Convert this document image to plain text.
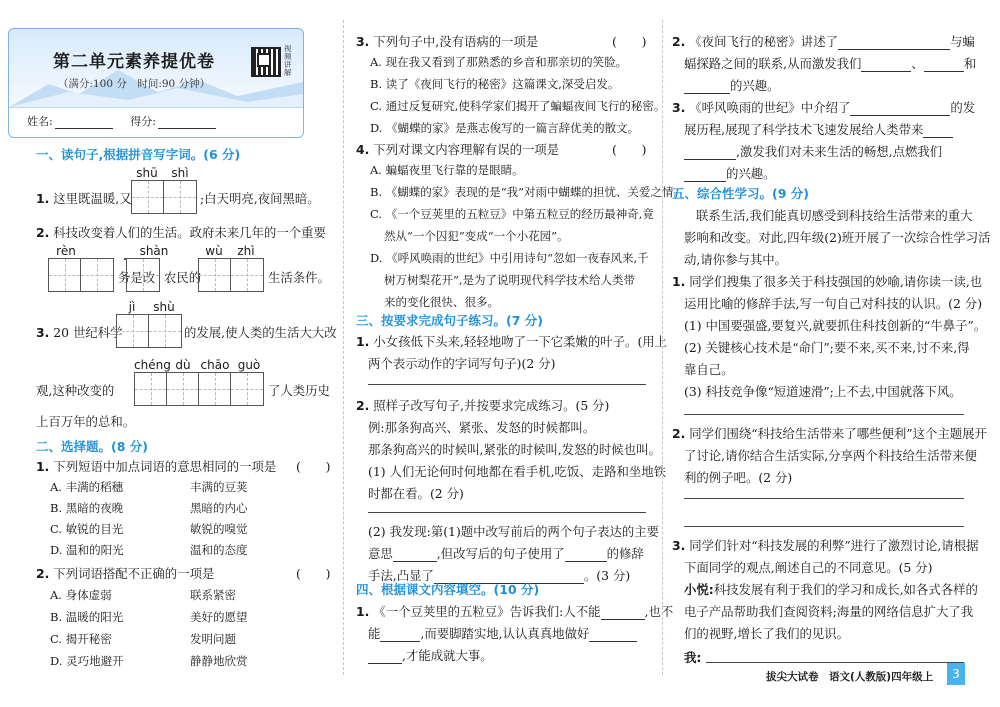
第二单元素养提优卷
（满分:100 分　时间:90 分钟）
视频讲解
姓名:	得分:
一、读句子,根据拼音写字词。(6 分)
shū	shì
1. 这里既温暖,又	;白天明亮,夜间黑暗。
2. 科技改变着人们的生活。政府未来几年的一个重要
rèn
务是改
shàn
农民的
wù	zhì
生活条件。
jì	shù
3. 20 世纪科学	的发展,使人类的生活大大改
chéng dù chāo guò
观,这种改变的	了人类历史
上百万年的总和。
二、选择题。(8 分)
1. 下列短语中加点词语的意思相同的一项是 (　　)
A. 丰满的稻穗	丰满的豆荚
B. 黑暗的夜晚	黑暗的内心
C. 敏锐的目光	敏锐的嗅觉
D. 温和的阳光	温和的态度
2. 下列词语搭配不正确的一项是	(　　)
A. 身体虚弱	联系紧密
B. 温暖的阳光	美好的愿望
C. 揭开秘密	发明问题
D. 灵巧地避开	静静地欣赏
3. 下列句子中,没有语病的一项是	(　　)
A. 现在我又看到了那熟悉的乡音和那亲切的笑脸。
B. 读了《夜间飞行的秘密》这篇课文,深受启发。
C. 通过反复研究,使科学家们揭开了蝙蝠夜间飞行的秘密。
D. 《蝴蝶的家》是燕志俊写的一篇言辞优美的散文。
4. 下列对课文内容理解有误的一项是	(　　)
A. 蝙蝠夜里飞行靠的是眼睛。
B. 《蝴蝶的家》表现的是“我”对雨中蝴蝶的担忧、关爱之情。
C. 《一个豆荚里的五粒豆》中第五粒豆的经历最神奇,竟
然从“一个囚犯”变成“一个小花园”。
D. 《呼风唤雨的世纪》中引用诗句“忽如一夜春风来,千
树万树梨花开”,是为了说明现代科学技术给人类带
来的变化很快、很多。
三、按要求完成句子练习。(7 分)
1. 小女孩低下头来,轻轻地吻了一下它柔嫩的叶子。(用上
两个表示动作的字词写句子)(2 分)
2. 照样子改写句子,并按要求完成练习。(5 分)
例:那条狗高兴、紧张、发怒的时候都叫。
那条狗高兴的时候叫,紧张的时候叫,发怒的时候也叫。
(1) 人们无论何时何地都在看手机,吃饭、走路和坐地铁
时都在看。(2 分)
(2) 我发现:第(1)题中改写前后的两个句子表达的主要
意思	,但改写后的句子使用了	的修辞
手法,凸显了	。(3 分)
四、根据课文内容填空。(10 分)
1. 《一个豆荚里的五粒豆》告诉我们:人不能	,也不
能	,而要脚踏实地,认认真真地做好
,才能成就大事。
2. 《夜间飞行的秘密》讲述了	与蝙
蝠探路之间的联系,从而激发我们	、	和
的兴趣。
3. 《呼风唤雨的世纪》中介绍了	的发
展历程,展现了科学技术飞速发展给人类带来
,激发我们对未来生活的畅想,点燃我们
的兴趣。
五、综合性学习。(9 分)
联系生活,我们能真切感受到科技给生活带来的重大
影响和改变。对此,四年级(2)班开展了一次综合性学习活
动,请你参与其中。
1. 同学们搜集了很多关于科技强国的妙喻,请你读一读,也
运用比喻的修辞手法,写一句自己对科技的认识。(2 分)
(1) 中国要强盛,要复兴,就要抓住科技创新的“牛鼻子”。
(2) 关键核心技术是“命门”;要不来,买不来,讨不来,得
靠自己。
(3) 科技竞争像“短道速滑”;上不去,中国就落下风。
2. 同学们围绕“科技给生活带来了哪些便利”这个主题展开
了讨论,请你结合生活实际,分享两个科技给生活带来便
利的例子吧。(2 分)
3. 同学们针对“科技发展的利弊”进行了激烈讨论,请根据
下面同学的观点,阐述自己的不同意见。(5 分)
小悦:科技发展有利于我们的学习和成长,如各式各样的
电子产品帮助我们查阅资料;海量的网络信息扩大了我
们的视野,增长了我们的见识。
我:
拔尖大试卷　语文(人教版)四年级上	3
